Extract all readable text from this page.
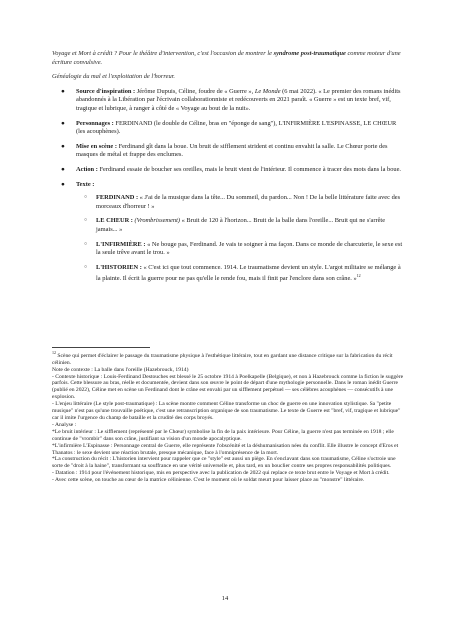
Voyage et Mort à crédit ? Pour le théâtre d'intervention, c'est l'occasion de montrer le syndrome post-traumatique comme moteur d'une écriture convulsive.

Généalogie du mal et l'exploitation de l'horreur.

● Source d'inspiration : Jérôme Dupuis, Céline, foudre de « Guerre », Le Monde (6 mai 2022). « Le premier des romans inédits abandonnés à la Libération par l'écrivain collaborationniste et redécouverts en 2021 paraît. « Guerre » est un texte bref, vif, tragique et lubrique, à ranger à côté de « Voyage au bout de la nuit».
● Personnages : FERDINAND (le double de Céline, bras en "éponge de sang"), L'INFIRMIÈRE L'ESPINASSE, LE CHŒUR (les acouphènes).
● Mise en scène : Ferdinand gît dans la boue. Un bruit de sifflement strident et continu envahit la salle. Le Chœur porte des masques de métal et frappe des enclumes.
● Action : Ferdinand essaie de boucher ses oreilles, mais le bruit vient de l'intérieur. Il commence à tracer des mots dans la boue.
● Texte :
○ FERDINAND : « J'ai de la musique dans la tête... Du sommeil, du pardon... Non ! De la belle littérature faite avec des morceaux d'horreur ! »
○ LE CHEUR : (Vrombrissement) « Bruit de 120 à l'horizon... Bruit de la balle dans l'oreille... Bruit qui ne s'arrête jamais... »
○ L'INFIRMIÈRE : « Ne bouge pas, Ferdinand. Je vais te soigner à ma façon. Dans ce monde de charcuterie, le sexe est la seule trêve avant le trou. »
○ L'HISTORIEN : « C'est ici que tout commence. 1914. Le traumatisme devient un style. L'argot militaire se mélange à la plainte. Il écrit la guerre pour ne pas qu'elle le rende fou, mais il finit par l'enclore dans son crâne. »$^{12}$

$^{12}$ Scène qui permet d'éclairer le passage du traumatisme physique à l'esthétique littéraire, tout en gardant une distance critique sur la fabrication du récit célinien.

Note de contexte : La balle dans l'oreille (Hazebrouck, 1914)

- Contexte historique : Louis-Ferdinand Destouches est blessé le 25 octobre 1914 à Poelkapelle (Belgique), et non à Hazebrouck comme la fiction le suggère parfois. Cette blessure au bras, réelle et documentée, devient dans son œuvre le point de départ d'une mythologie personnelle. Dans le roman inédit Guerre (publié en 2022), Céline met en scène un Ferdinand dont le crâne est envahi par un sifflement perpétuel — ses célèbres acouphènes — consécutifs à une explosion.

- L'enjeu littéraire (Le style post-traumatique) : La scène montre comment Céline transforme un choc de guerre en une innovation stylistique. Sa "petite musique" n'est pas qu'une trouvaille poétique, c'est une retranscription organique de son traumatisme. Le texte de Guerre est "bref, vif, tragique et lubrique" car il imite l'urgence du champ de bataille et la crudité des corps broyés.

- Analyse :

*Le bruit intérieur : Le sifflement (représenté par le Chœur) symbolise la fin de la paix intérieure. Pour Céline, la guerre n'est pas terminée en 1918 ; elle continue de "vrombir" dans son crâne, justifiant sa vision d'un monde apocalyptique.

*L'infirmière L'Espinasse : Personnage central de Guerre, elle représente l'obscénité et la déshumanisation nées du conflit. Elle illustre le concept d'Eros et Thanatos : le sexe devient une réaction brutale, presque mécanique, face à l'omniprésence de la mort.

*La construction du récit : L'historien intervient pour rappeler que ce "style" est aussi un piège. En s'enclavant dans son traumatisme, Céline s'octroie une sorte de "droit à la haine", transformant sa souffrance en une vérité universelle et, plus tard, en un bouclier contre ses propres responsabilités politiques.

- Datation : 1914 pour l'événement historique, mis en perspective avec la publication de 2022 qui replace ce texte brut entre le Voyage et Mort à crédit.

- Avec cette scène, on touche au cœur de la matrice célinienne. C'est le moment où le soldat meurt pour laisser place au "monstre" littéraire.

14
